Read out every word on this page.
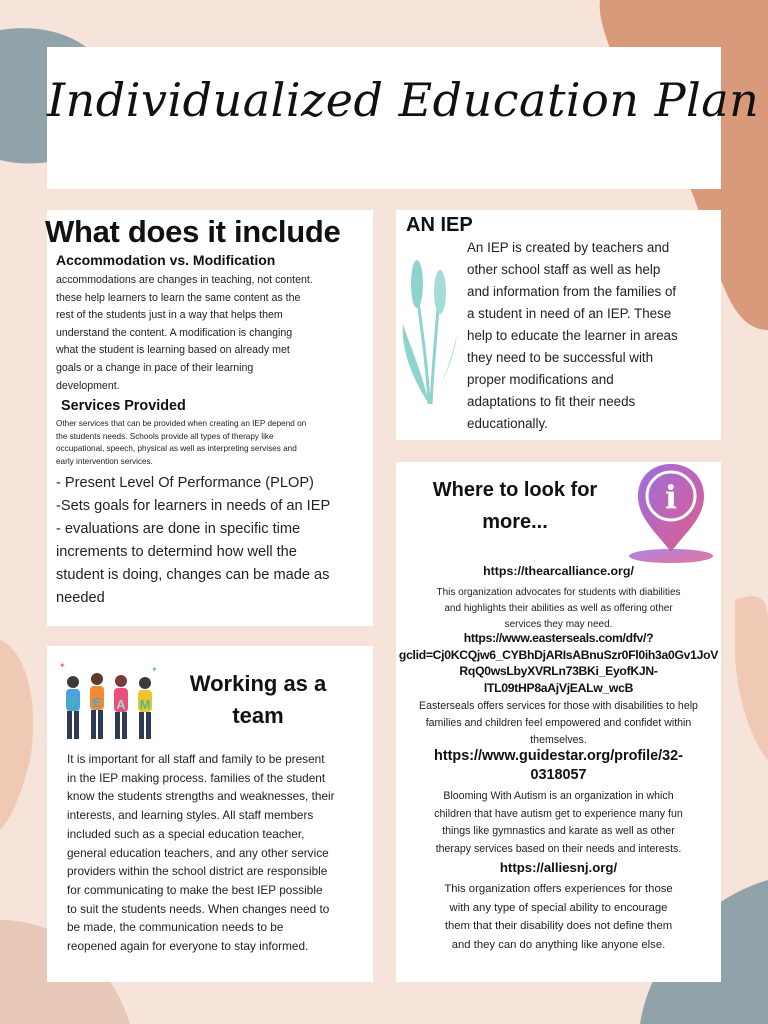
Individualized Education Plan
What does it include
Accommodation vs. Modification
accommodations are changes in teaching, not content.
these help learners to learn the same content as the
rest of the students just in a way that helps them
understand the content. A modification is changing
what the student is learning based on already met
goals or a change in pace of their learning
development.
Services Provided
Other services that can be provided when creating an IEP depend on
the students needs. Schools provide all types of therapy like
occupational, speech, physical as well as interpreting servises and
early intervention services.
- Present Level Of Performance (PLOP)
-Sets goals for learners in needs of an IEP
- evaluations are done in specific time
increments to determind how well the
student is doing, changes can be made as
needed
AN IEP
An IEP is created by teachers and
other school staff as well as help
and information from the families of
a student in need of an IEP. These
help to educate the learner in areas
they need to be successful with
proper modifications and
adaptations to fit their needs
educationally.
Where to look for
more...
i
https://thearcalliance.org/
This organization advocates for students with diabilities
and highlights their abilities as well as offering other
services they may need.
https://www.easterseals.com/dfv/?
gclid=Cj0KCQjw6_CYBhDjARIsABnuSzr0Fl0ih3a0Gv1JoV
RqQ0wsLbyXVRLn73BKi_EyofKJN-
lTL09tHP8aAjVjEALw_wcB
Easterseals offers services for those with disabilities to help
families and children feel empowered and confidet within
themselves.
https://www.guidestar.org/profile/32-
0318057
Blooming With Autism is an organization in which
children that have autism get to experience many fun
things like gymnastics and karate as well as other
therapy services based on their needs and interests.
https://alliesnj.org/
This organization offers experiences for those
with any type of special ability to encourage
them that their disability does not define them
and they can do anything like anyone else.
✦	✦
T E A M
Working as a
team
It is important for all staff and family to be present
in the IEP making process. families of the student
know the students strengths and weaknesses, their
interests, and learning styles. All staff members
included such as a special education teacher,
general education teachers, and any other service
providers within the school district are responsible
for communicating to make the best IEP possible
to suit the students needs. When changes need to
be made, the communication needs to be
reopened again for everyone to stay informed.
